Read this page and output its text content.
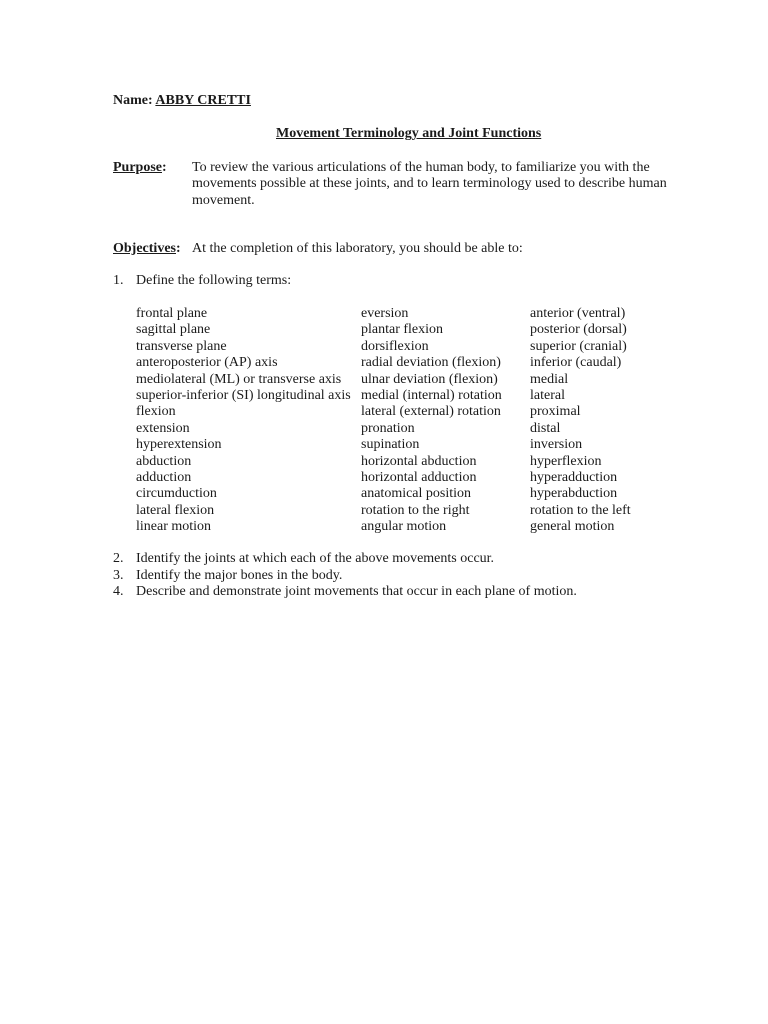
Name: ABBY CRETTI
Movement Terminology and Joint Functions
Purpose: To review the various articulations of the human body, to familiarize you with the movements possible at these joints, and to learn terminology used to describe human movement.
Objectives: At the completion of this laboratory, you should be able to:
1. Define the following terms:
frontal plane
sagittal plane
transverse plane
anteroposterior (AP) axis
mediolateral (ML) or transverse axis
superior-inferior (SI) longitudinal axis
flexion
extension
hyperextension
abduction
adduction
circumduction
lateral flexion
linear motion
eversion
plantar flexion
dorsiflexion
radial deviation (flexion)
ulnar deviation (flexion)
medial (internal) rotation
lateral (external) rotation
pronation
supination
horizontal abduction
horizontal adduction
anatomical position
rotation to the right
angular motion
anterior (ventral)
posterior (dorsal)
superior (cranial)
inferior (caudal)
medial
lateral
proximal
distal
inversion
hyperflexion
hyperadduction
hyperabduction
rotation to the left
general motion
2. Identify the joints at which each of the above movements occur.
3. Identify the major bones in the body.
4. Describe and demonstrate joint movements that occur in each plane of motion.
